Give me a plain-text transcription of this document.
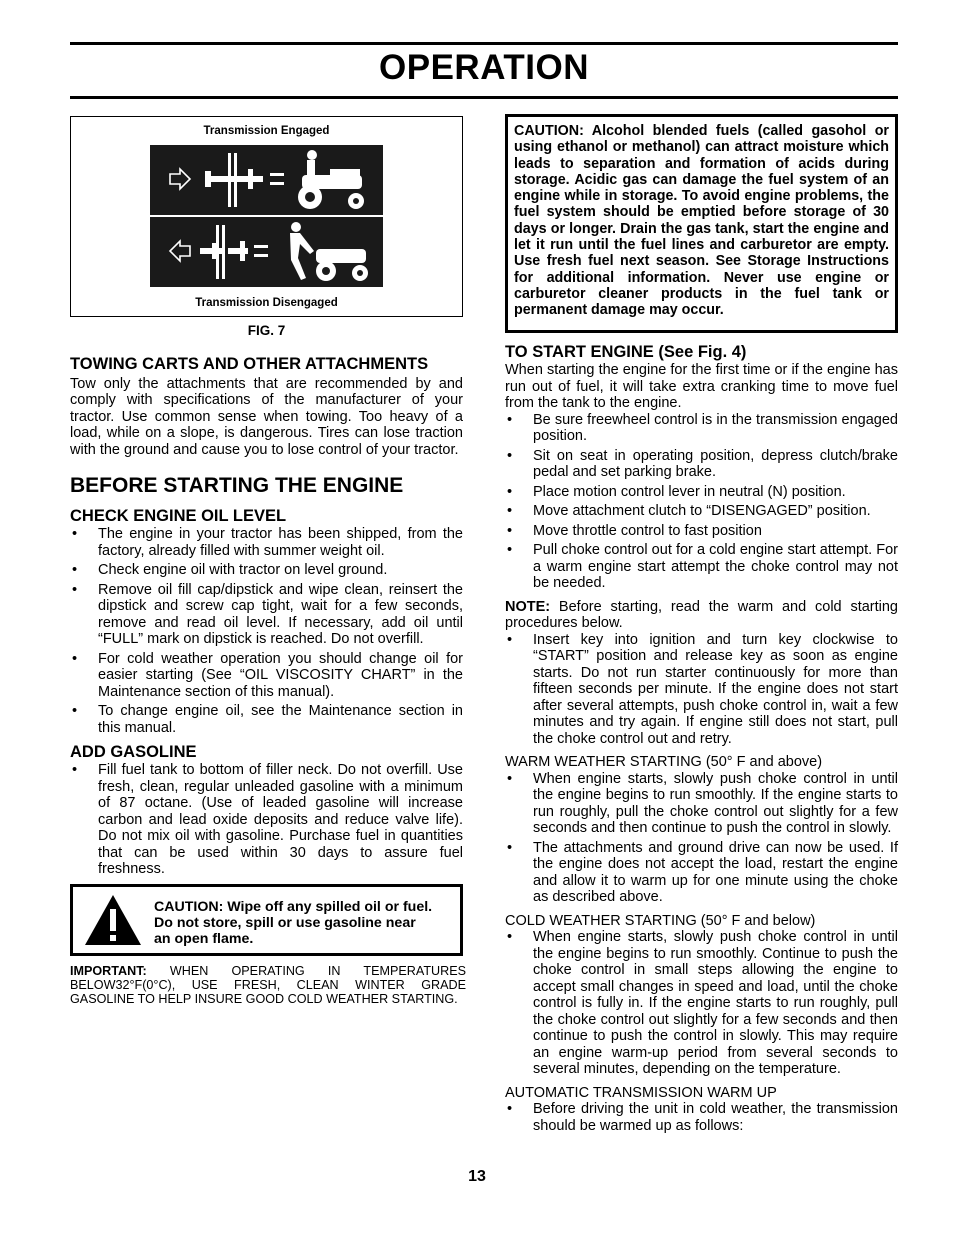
OPERATION
Transmission Engaged
Transmission Disengaged
FIG. 7
TOWING CARTS AND OTHER ATTACHMENTS

Tow only the attachments that are recommended by and comply with specifications of the manufacturer of your tractor. Use common sense when towing. Too heavy of a load, while on a slope, is dangerous. Tires can lose traction with the ground and cause you to lose control of your tractor.

BEFORE STARTING THE ENGINE
CHECK ENGINE OIL LEVEL
• The engine in your tractor has been shipped, from the factory, already filled with summer weight oil.
• Check engine oil with tractor on level ground.
• Remove oil fill cap/dipstick and wipe clean, reinsert the dipstick and screw cap tight, wait for a few seconds, remove and read oil level. If necessary, add oil until “FULL” mark on dipstick is reached. Do not overfill.
• For cold weather operation you should change oil for easier starting (See “OIL VISCOSITY CHART” in the Maintenance section of this manual).
• To change engine oil, see the Maintenance section in this manual.
ADD GASOLINE
• Fill fuel tank to bottom of filler neck. Do not overfill. Use fresh, clean, regular unleaded gasoline with a minimum of 87 octane. (Use of leaded gasoline will increase carbon and lead oxide deposits and reduce valve life). Do not mix oil with gasoline. Purchase fuel in quantities that can be used within 30 days to assure fuel freshness.
CAUTION: Wipe off any spilled oil or fuel. Do not store, spill or use gasoline near an open flame.
IMPORTANT: WHEN OPERATING IN TEMPERATURES BELOW32°F(0°C), USE FRESH, CLEAN WINTER GRADE GASOLINE TO HELP INSURE GOOD COLD WEATHER STARTING.
CAUTION: Alcohol blended fuels (called gasohol or using ethanol or methanol) can attract moisture which leads to separation and formation of acids during storage. Acidic gas can damage the fuel system of an engine while in storage. To avoid engine problems, the fuel system should be emptied before storage of 30 days or longer. Drain the gas tank, start the engine and let it run until the fuel lines and carburetor are empty. Use fresh fuel next season. See Storage Instructions for additional information. Never use engine or carburetor cleaner products in the fuel tank or permanent damage may occur.
TO START ENGINE (See Fig. 4)

When starting the engine for the first time or if the engine has run out of fuel, it will take extra cranking time to move fuel from the tank to the engine.

• Be sure freewheel control is in the transmission engaged position.
• Sit on seat in operating position, depress clutch/brake pedal and set parking brake.
• Place motion control lever in neutral (N) position.
• Move attachment clutch to “DISENGAGED” position.
• Move throttle control to fast position
• Pull choke control out for a cold engine start attempt. For a warm engine start attempt the choke control may not be needed.

NOTE: Before starting, read the warm and cold starting procedures below.

• Insert key into ignition and turn key clockwise to “START” position and release key as soon as engine starts. Do not run starter continuously for more than fifteen seconds per minute. If the engine does not start after several attempts, push choke control in, wait a few minutes and try again. If engine still does not start, pull the choke control out and retry.

WARM WEATHER STARTING (50° F and above)

• When engine starts, slowly push choke control in until the engine begins to run smoothly. If the engine starts to run roughly, pull the choke control out slightly for a few seconds and then continue to push the control in slowly.
• The attachments and ground drive can now be used. If the engine does not accept the load, restart the engine and allow it to warm up for one minute using the choke as described above.

COLD WEATHER STARTING (50° F and below)

• When engine starts, slowly push choke control in until the engine begins to run smoothly. Continue to push the choke control in small steps allowing the engine to accept small changes in speed and load, until the choke control is fully in. If the engine starts to run roughly, pull the choke control out slightly for a few seconds and then continue to push the control in slowly. This may require an engine warm-up period from several seconds to several minutes, depending on the temperature.

AUTOMATIC TRANSMISSION WARM UP

• Before driving the unit in cold weather, the transmission should be warmed up as follows:
13
